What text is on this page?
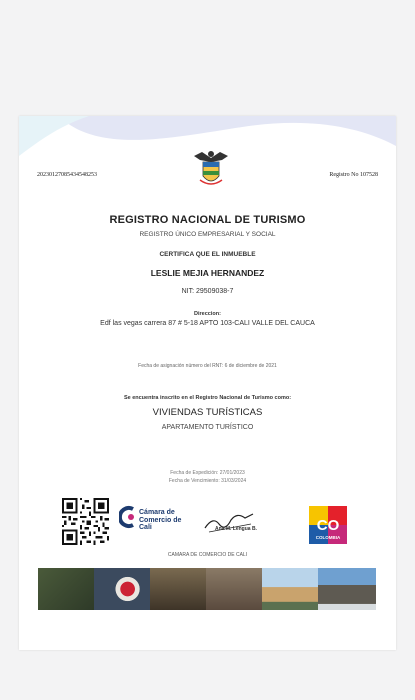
20230127085434548253	Registro No 107528
REGISTRO NACIONAL DE TURISMO
REGISTRO ÚNICO EMPRESARIAL Y SOCIAL
CERTIFICA QUE EL INMUEBLE
LESLIE MEJIA HERNANDEZ
NIT: 29509038-7
Direccion:
Edf las vegas carrera 87 # 5-18 APTO 103-CALI VALLE DEL CAUCA
Fecha de asignación número del RNT: 6 de diciembre de 2021
Se encuentra inscrito en el Registro Nacional de Turismo como:
VIVIENDAS TURÍSTICAS
APARTAMENTO TURÍSTICO
Fecha de Expedición: 27/01/2023
Fecha de Vencimiento: 31/03/2024
Cámara de Comercio de Cali	Ana M. Lengua B.	CO
COLOMBIA
CAMARA DE COMERCIO DE CALI
